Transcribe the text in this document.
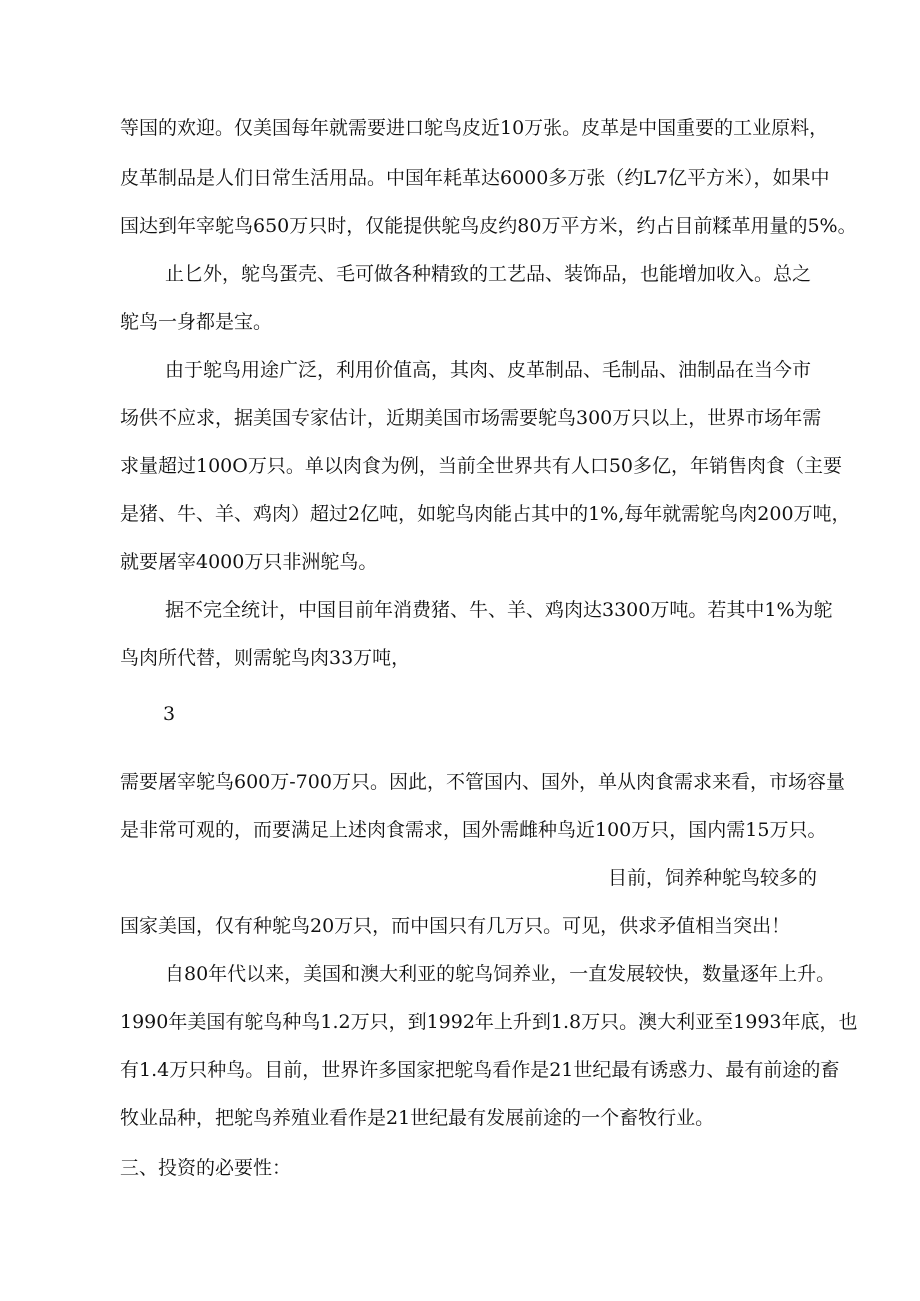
等国的欢迎。仅美国每年就需要进口鸵鸟皮近10万张。皮革是中国重要的工业原料，
皮革制品是人们日常生活用品。中国年耗革达6000多万张（约L7亿平方米），如果中
国达到年宰鸵鸟650万只时，仅能提供鸵鸟皮约80万平方米，约占目前糅革用量的5%。
止匕外，鸵鸟蛋壳、毛可做各种精致的工艺品、装饰品，也能增加收入。总之
鸵鸟一身都是宝。
由于鸵鸟用途广泛，利用价值高，其肉、皮革制品、毛制品、油制品在当今市
场供不应求，据美国专家估计，近期美国市场需要鸵鸟300万只以上，世界市场年需
求量超过100O万只。单以肉食为例，当前全世界共有人口50多亿，年销售肉食（主要
是猪、牛、羊、鸡肉）超过2亿吨，如鸵鸟肉能占其中的1%,每年就需鸵鸟肉200万吨，
就要屠宰4000万只非洲鸵鸟。
据不完全统计，中国目前年消费猪、牛、羊、鸡肉达3300万吨。若其中1%为鸵
鸟肉所代替，则需鸵鸟肉33万吨，
3
需要屠宰鸵鸟600万-700万只。因此，不管国内、国外，单从肉食需求来看，市场容量
是非常可观的，而要满足上述肉食需求，国外需雌种鸟近100万只，国内需15万只。
目前，饲养种鸵鸟较多的
国家美国，仅有种鸵鸟20万只，而中国只有几万只。可见，供求矛值相当突出！
自80年代以来，美国和澳大利亚的鸵鸟饲养业，一直发展较快，数量逐年上升。
1990年美国有鸵鸟种鸟1.2万只，到1992年上升到1.8万只。澳大利亚至1993年底，也
有1.4万只种鸟。目前，世界许多国家把鸵鸟看作是21世纪最有诱惑力、最有前途的畜
牧业品种，把鸵鸟养殖业看作是21世纪最有发展前途的一个畜牧行业。
三、投资的必要性：
